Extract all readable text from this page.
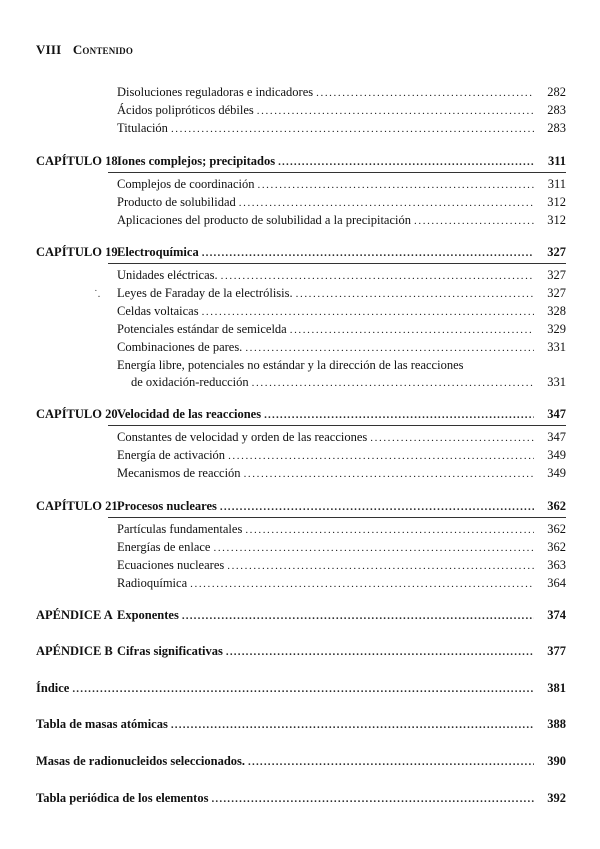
VIII Contenido
Disoluciones reguladoras e indicadores .....	282
Ácidos polipróticos débiles .....	283
Titulación .....	283
CAPÍTULO 18Iones complejos; precipitados .....	311
Complejos de coordinación .....	311
Producto de solubilidad .....	312
Aplicaciones del producto de solubilidad a la precipitación .....	312
CAPÍTULO 19Electroquímica .....	327
Unidades eléctricas. .....	327
˙. Leyes de Faraday de la electrólisis. .....	327
Celdas voltaicas .....	328
Potenciales estándar de semicelda .....	329
Combinaciones de pares. .....	331
Energía libre, potenciales no estándar y la dirección de las reacciones
de oxidación-reducción .....	331
CAPÍTULO 20Velocidad de las reacciones .....	347
Constantes de velocidad y orden de las reacciones .....	347
Energía de activación .....	349
Mecanismos de reacción .....	349
CAPÍTULO 21Procesos nucleares .....	362
Partículas fundamentales .....	362
Energías de enlace .....	362
Ecuaciones nucleares .....	363
Radioquímica .....	364
APÉNDICE A Exponentes .....	374
APÉNDICE B Cifras significativas .....	377
Índice .....	381
Tabla de masas atómicas .....	388
Masas de radionucleidos seleccionados. .....	390
Tabla periódica de los elementos .....	392
